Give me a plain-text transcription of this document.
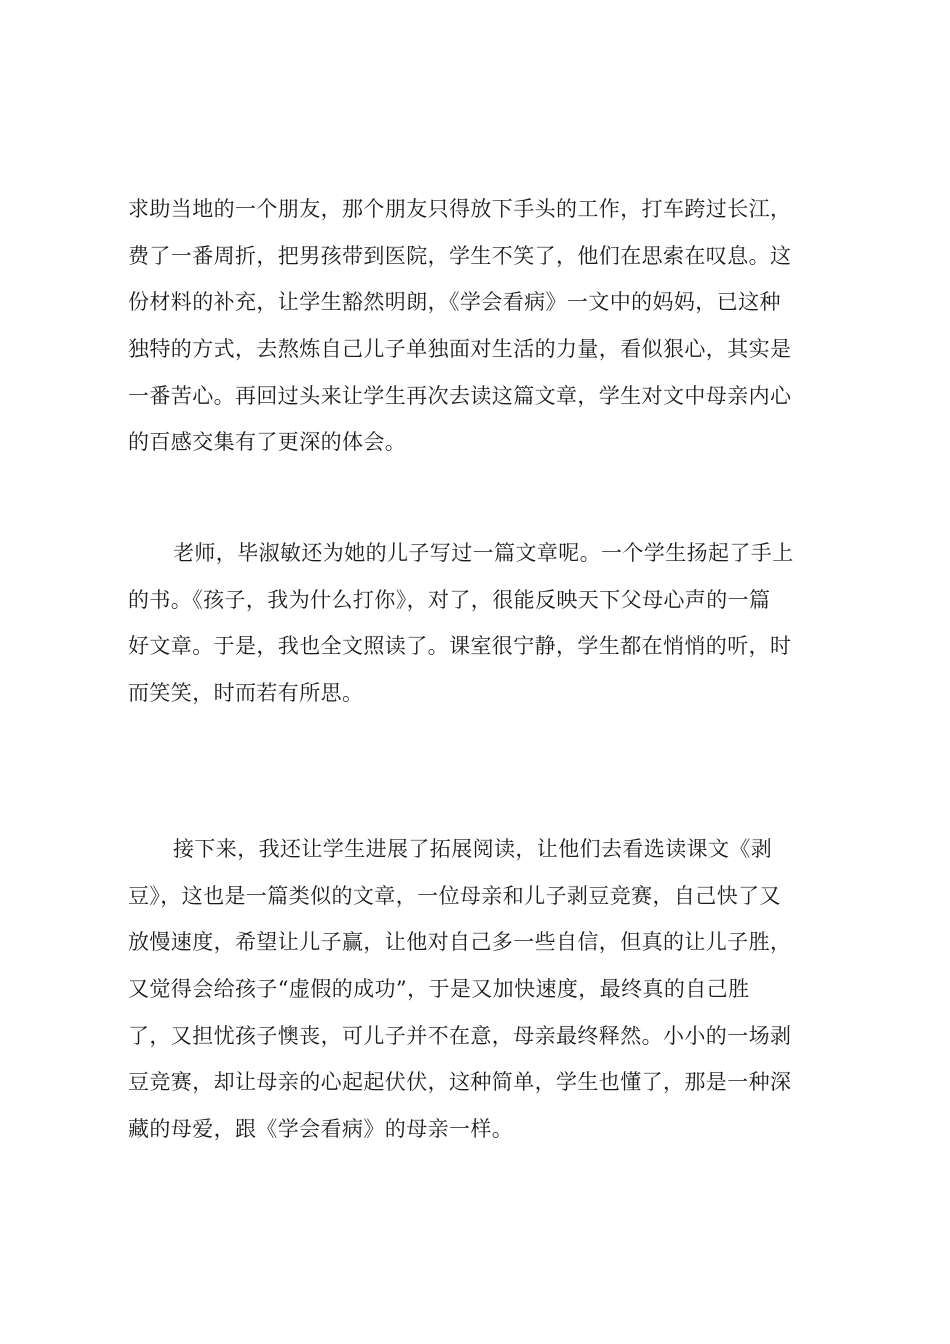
求助当地的一个朋友，那个朋友只得放下手头的工作，打车跨过长江，
费了一番周折，把男孩带到医院，学生不笑了，他们在思索在叹息。这
份材料的补充，让学生豁然明朗，《学会看病》一文中的妈妈，已这种
独特的方式，去熬炼自己儿子单独面对生活的力量，看似狠心，其实是
一番苦心。再回过头来让学生再次去读这篇文章，学生对文中母亲内心
的百感交集有了更深的体会。

老师，毕淑敏还为她的儿子写过一篇文章呢。一个学生扬起了手上
的书。《孩子，我为什么打你》，对了，很能反映天下父母心声的一篇
好文章。于是，我也全文照读了。课室很宁静，学生都在悄悄的听，时
而笑笑，时而若有所思。

接下来，我还让学生进展了拓展阅读，让他们去看选读课文《剥
豆》，这也是一篇类似的文章，一位母亲和儿子剥豆竞赛，自己快了又
放慢速度，希望让儿子赢，让他对自己多一些自信，但真的让儿子胜，
又觉得会给孩子“虚假的成功”，于是又加快速度，最终真的自己胜
了，又担忧孩子懊丧，可儿子并不在意，母亲最终释然。小小的一场剥
豆竞赛，却让母亲的心起起伏伏，这种简单，学生也懂了，那是一种深
藏的母爱，跟《学会看病》的母亲一样。
